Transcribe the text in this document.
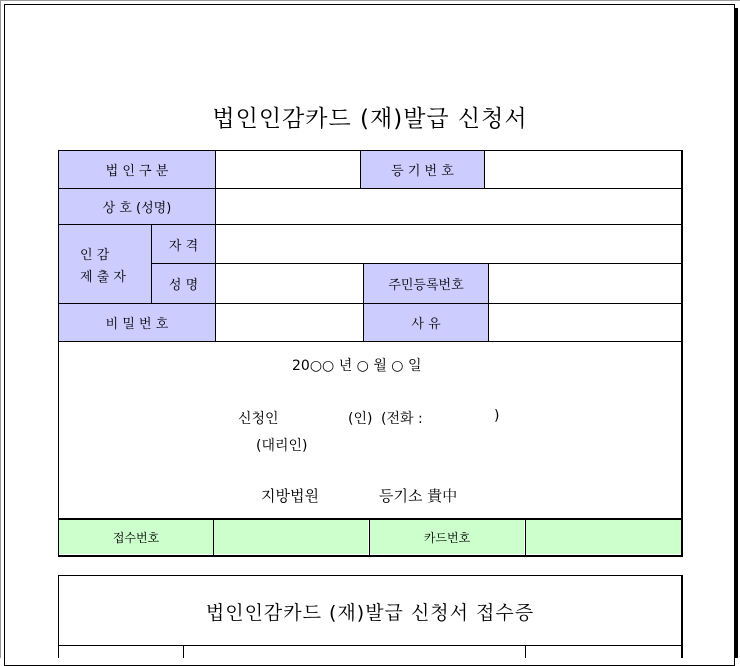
법인인감카드 (재)발급 신청서
법 인 구 분	등 기 번 호
상 호 (성명)
인 감
제 출 자
자 격
성 명	주민등록번호
비 밀 번 호	사 유
20○○ 년 ○ 월 ○ 일
신청인	(인) (전화 :	)
(대리인)
지방법원	등기소 貴中
접수번호	카드번호
법인인감카드 (재)발급 신청서 접수증
